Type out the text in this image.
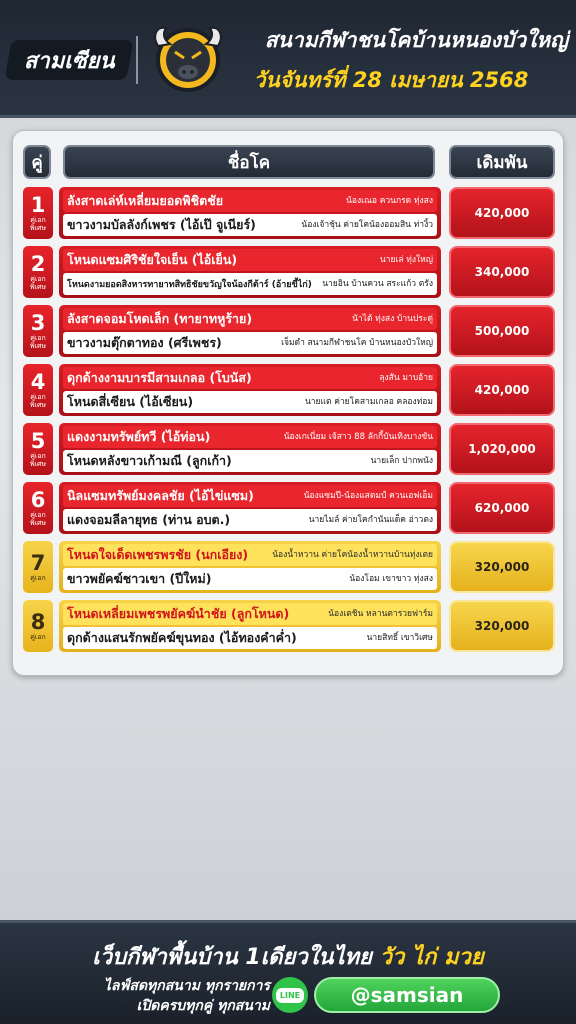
สามเซียน
สนามกีฬาชนโคบ้านหนองบัวใหญ่
วันจันทร์ที่ 28 เมษายน 2568
คู่	ชื่อโค	เดิมพัน
1
คู่เอก พิเศษ
ลังสาดเล่ห์เหลี่ยมยอดพิชิตชัย	น้องเณอ ควนกรด ทุ่งสง
ขาวงามบัลลังก์เพชร (ไอ้เป๊ จูเนียร์)	น้องเจ้าชุ้น ค่ายโคน้องออมสิน ท่างิ้ว
420,000
2
คู่เอก พิเศษ
โหนดแซมศิริชัยใจเย็น (ไอ้เย็น)	นายเล่ ทุ่งใหญ่
โหนดงามยอดสิงหารทายาทสิทธิชัยขวัญใจน้องกีต้าร์ (อ้ายขี้ไก่) นายอิน บ้านควน สระแก้ว ตรัง
340,000
3
คู่เอก พิเศษ
ลังสาดจอมโหดเล็ก (ทายาทหูร้าย)	นัาได้ ทุ่งสง บ้านประดู่
ขาวงามตุ๊กตาทอง (ศรีเพชร)	เจ็มดำ สนามกีฬาชนโค บ้านหนองบัวใหญ่
500,000
4
คู่เอก พิเศษ
ดุกด้างงามบารมีสามเกลอ (โบนัส)	ลุงสัน มาบอ้าย
โหนดสี่เซียน (ไอ้เซียน)	นายแต ค่ายโคสามเกลอ คลองท่อม
420,000
5
คู่เอก พิเศษ
แดงงามทรัพย์ทวี (ไอ้ท่อน)	น้องเกเนี่ยม เจ้สาว 88 ลักกี้บันเทิงบางขัน
โหนดหลังขาวเก้ามณี (ลูกเก้า)	นายเล็ก ปากพนัง
1,020,000
6
คู่เอก พิเศษ
นิลแซมทรัพย์มงคลชัย (ไอ้ไข่แซม)	น้องแซมปี-น้องแสตมป์ ควนเอฟเอ็ม
แดงจอมลีลายุทธ (ท่าน อบต.)	นายไมล์ ค่ายโคกำนันแด็ค อ่าวตง
620,000
7
คู่เอก
โหนดใจเด็ดเพชรพรชัย (นกเอียง)	น้องน้ำหวาน ค่ายโคน้องน้ำหวานบ้านทุ่งเตย
ขาวพยัคฆ์ชาวเขา (ปีใหม่)	น้องโอม เขาขาว ทุ่งสง
320,000
8
คู่เอก
โหนดเหลี่ยมเพชรพยัคฆ์นำชัย (ลูกโหนด)	น้องเตชิน หลานตารวยฟาร์ม
ดุกด้างแสนรักพยัคฆ์ขุนทอง (ไอ้ทองคำค่ำ)	นายสิทธิ์ เขาวิเศษ
320,000
เว็บกีฬาพื้นบ้าน 1เดียวในไทย วัว ไก่ มวย
ไลฟ์สดทุกสนาม ทุกรายการ
เปิดครบทุกคู่ ทุกสนาม
LINE	@samsian
